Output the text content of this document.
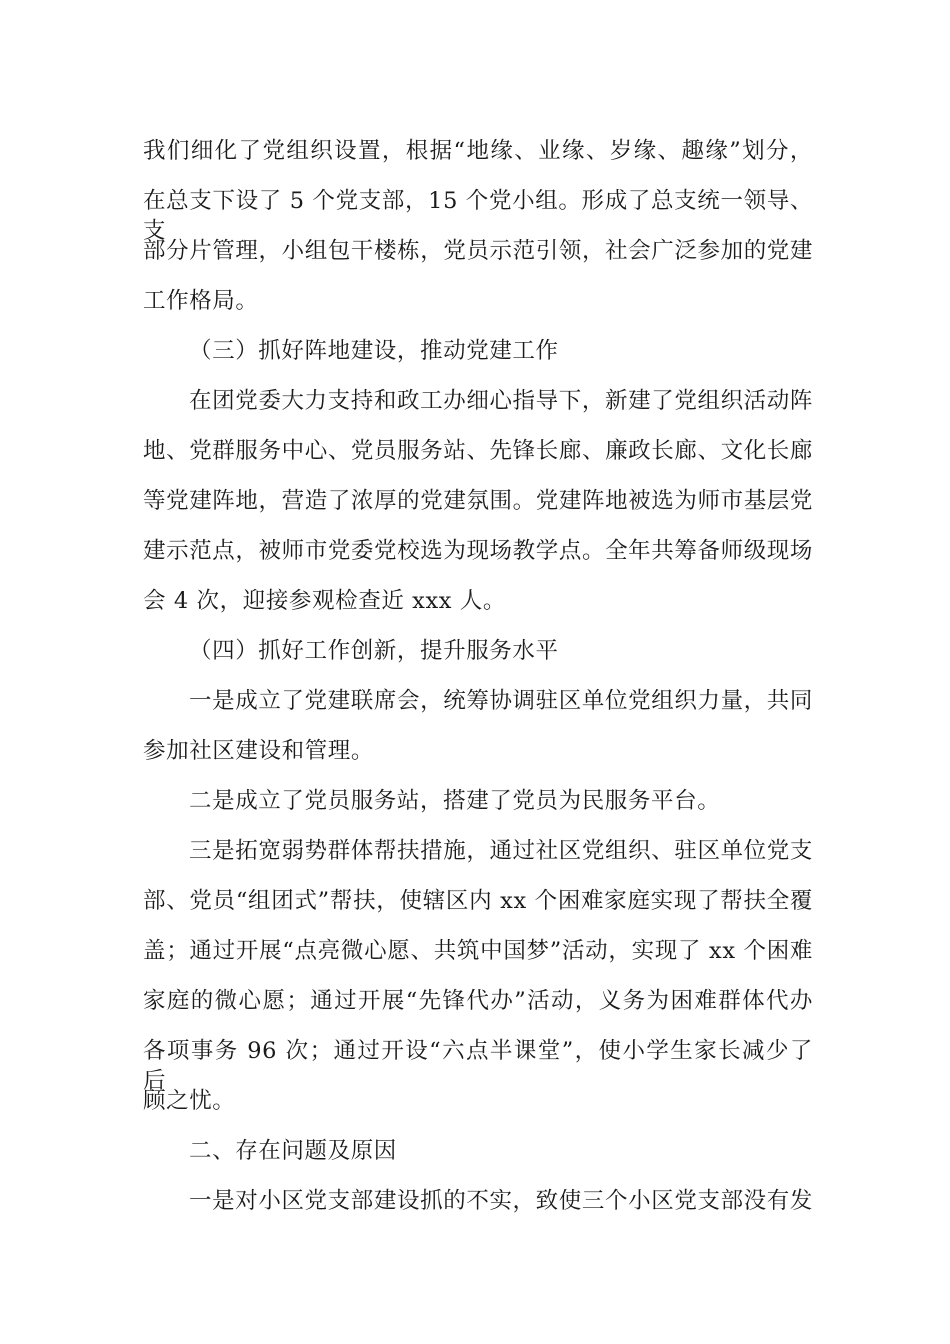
我们细化了党组织设置，根据“地缘、业缘、岁缘、趣缘”划分，
在总支下设了 5 个党支部，15 个党小组。形成了总支统一领导、支
部分片管理，小组包干楼栋，党员示范引领，社会广泛参加的党建
工作格局。
（三）抓好阵地建设，推动党建工作
在团党委大力支持和政工办细心指导下，新建了党组织活动阵
地、党群服务中心、党员服务站、先锋长廊、廉政长廊、文化长廊
等党建阵地，营造了浓厚的党建氛围。党建阵地被选为师市基层党
建示范点，被师市党委党校选为现场教学点。全年共筹备师级现场
会 4 次，迎接参观检查近 xxx 人。
（四）抓好工作创新，提升服务水平
一是成立了党建联席会，统筹协调驻区单位党组织力量，共同
参加社区建设和管理。
二是成立了党员服务站，搭建了党员为民服务平台。
三是拓宽弱势群体帮扶措施，通过社区党组织、驻区单位党支
部、党员“组团式”帮扶，使辖区内 xx 个困难家庭实现了帮扶全覆
盖；通过开展“点亮微心愿、共筑中国梦”活动，实现了 xx 个困难
家庭的微心愿；通过开展“先锋代办”活动，义务为困难群体代办
各项事务 96 次；通过开设“六点半课堂”，使小学生家长减少了后
顾之忧。
二、存在问题及原因
一是对小区党支部建设抓的不实，致使三个小区党支部没有发
